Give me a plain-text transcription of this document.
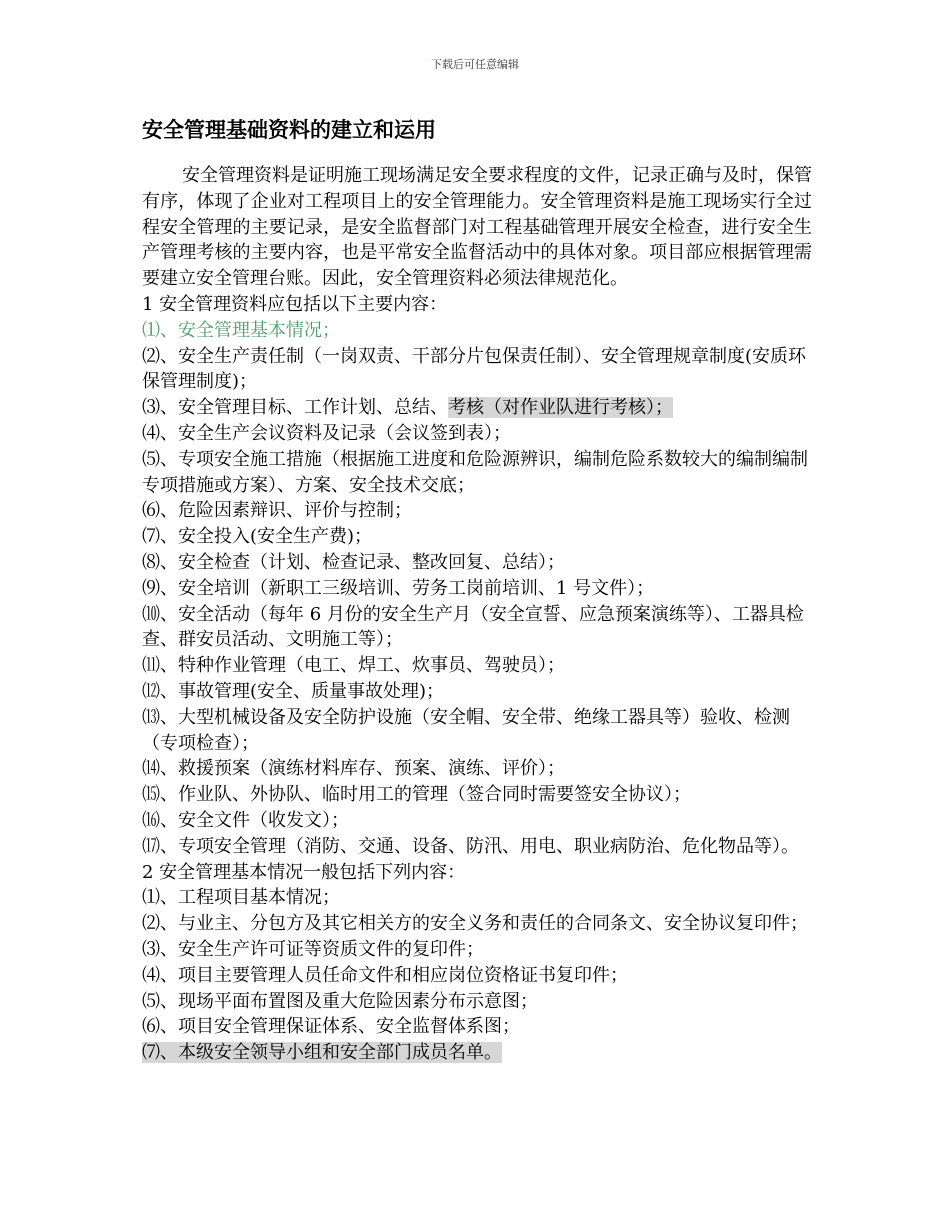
下载后可任意编辑
安全管理基础资料的建立和运用

安全管理资料是证明施工现场满足安全要求程度的文件，记录正确与及时，保管有序，体现了企业对工程项目上的安全管理能力。安全管理资料是施工现场实行全过程安全管理的主要记录，是安全监督部门对工程基础管理开展安全检查，进行安全生产管理考核的主要内容，也是平常安全监督活动中的具体对象。项目部应根据管理需要建立安全管理台账。因此，安全管理资料必须法律规范化。

1 安全管理资料应包括以下主要内容：

⑴、安全管理基本情况；

⑵、安全生产责任制（一岗双责、干部分片包保责任制）、安全管理规章制度(安质环保管理制度)；

⑶、安全管理目标、工作计划、总结、考核（对作业队进行考核）；

⑷、安全生产会议资料及记录（会议签到表）；

⑸、专项安全施工措施（根据施工进度和危险源辨识，编制危险系数较大的编制编制专项措施或方案）、方案、安全技术交底；

⑹、危险因素辩识、评价与控制；

⑺、安全投入(安全生产费)；

⑻、安全检查（计划、检查记录、整改回复、总结）；

⑼、安全培训（新职工三级培训、劳务工岗前培训、1 号文件）；

⑽、安全活动（每年 6 月份的安全生产月（安全宣誓、应急预案演练等）、工器具检查、群安员活动、文明施工等）；

⑾、特种作业管理（电工、焊工、炊事员、驾驶员）；

⑿、事故管理(安全、质量事故处理)；

⒀、大型机械设备及安全防护设施（安全帽、安全带、绝缘工器具等）验收、检测（专项检查）；

⒁、救援预案（演练材料库存、预案、演练、评价）；

⒂、作业队、外协队、临时用工的管理（签合同时需要签安全协议）；

⒃、安全文件（收发文）；

⒄、专项安全管理（消防、交通、设备、防汛、用电、职业病防治、危化物品等）。

2 安全管理基本情况一般包括下列内容：

⑴、工程项目基本情况；

⑵、与业主、分包方及其它相关方的安全义务和责任的合同条文、安全协议复印件；

⑶、安全生产许可证等资质文件的复印件；

⑷、项目主要管理人员任命文件和相应岗位资格证书复印件；

⑸、现场平面布置图及重大危险因素分布示意图；

⑹、项目安全管理保证体系、安全监督体系图；

⑺、本级安全领导小组和安全部门成员名单。
